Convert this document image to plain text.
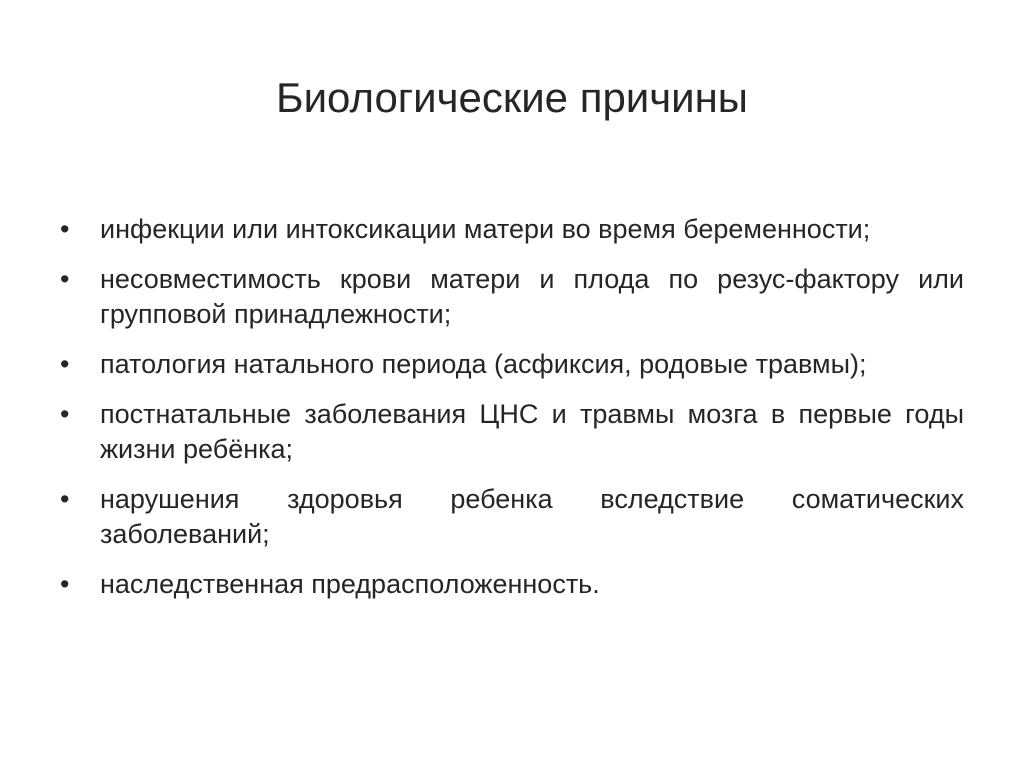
Биологические причины
•	инфекции или интоксикации матери во время беременности;
•	несовместимость крови матери и плода по резус-фактору или групповой принадлежности;
•	патология натального периода (асфиксия, родовые травмы);
•	постнатальные заболевания ЦНС и травмы мозга в первые годы жизни ребёнка;
•	нарушения здоровья ребенка вследствие соматических заболеваний;
•	наследственная предрасположенность.
